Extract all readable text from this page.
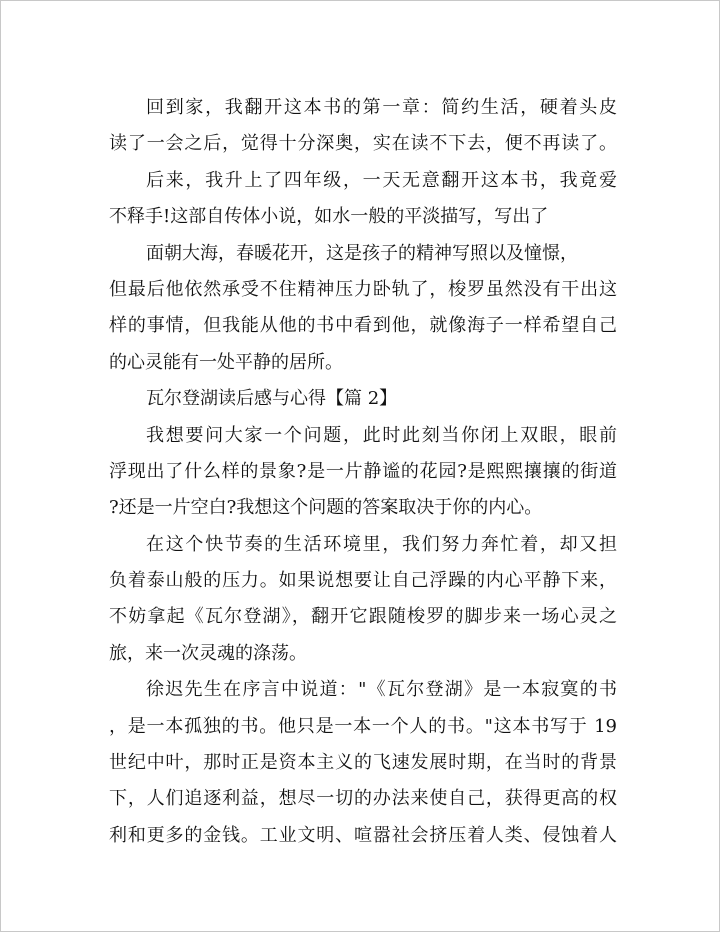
回到家，我翻开这本书的第一章：简约生活，硬着头皮
读了一会之后，觉得十分深奥，实在读不下去，便不再读了。
后来，我升上了四年级，一天无意翻开这本书，我竟爱
不释手!这部自传体小说，如水一般的平淡描写，写出了
面朝大海，春暖花开，这是孩子的精神写照以及憧憬，
但最后他依然承受不住精神压力卧轨了，梭罗虽然没有干出这
样的事情，但我能从他的书中看到他，就像海子一样希望自己
的心灵能有一处平静的居所。
瓦尔登湖读后感与心得【篇 2】
我想要问大家一个问题，此时此刻当你闭上双眼，眼前
浮现出了什么样的景象?是一片静谧的花园?是熙熙攘攘的街道
?还是一片空白?我想这个问题的答案取决于你的内心。
在这个快节奏的生活环境里，我们努力奔忙着，却又担
负着泰山般的压力。如果说想要让自己浮躁的内心平静下来，
不妨拿起《瓦尔登湖》，翻开它跟随梭罗的脚步来一场心灵之
旅，来一次灵魂的涤荡。
徐迟先生在序言中说道："《瓦尔登湖》是一本寂寞的书
，是一本孤独的书。他只是一本一个人的书。"这本书写于 19
世纪中叶，那时正是资本主义的飞速发展时期，在当时的背景
下，人们追逐利益，想尽一切的办法来使自己，获得更高的权
利和更多的金钱。工业文明、喧嚣社会挤压着人类、侵蚀着人
